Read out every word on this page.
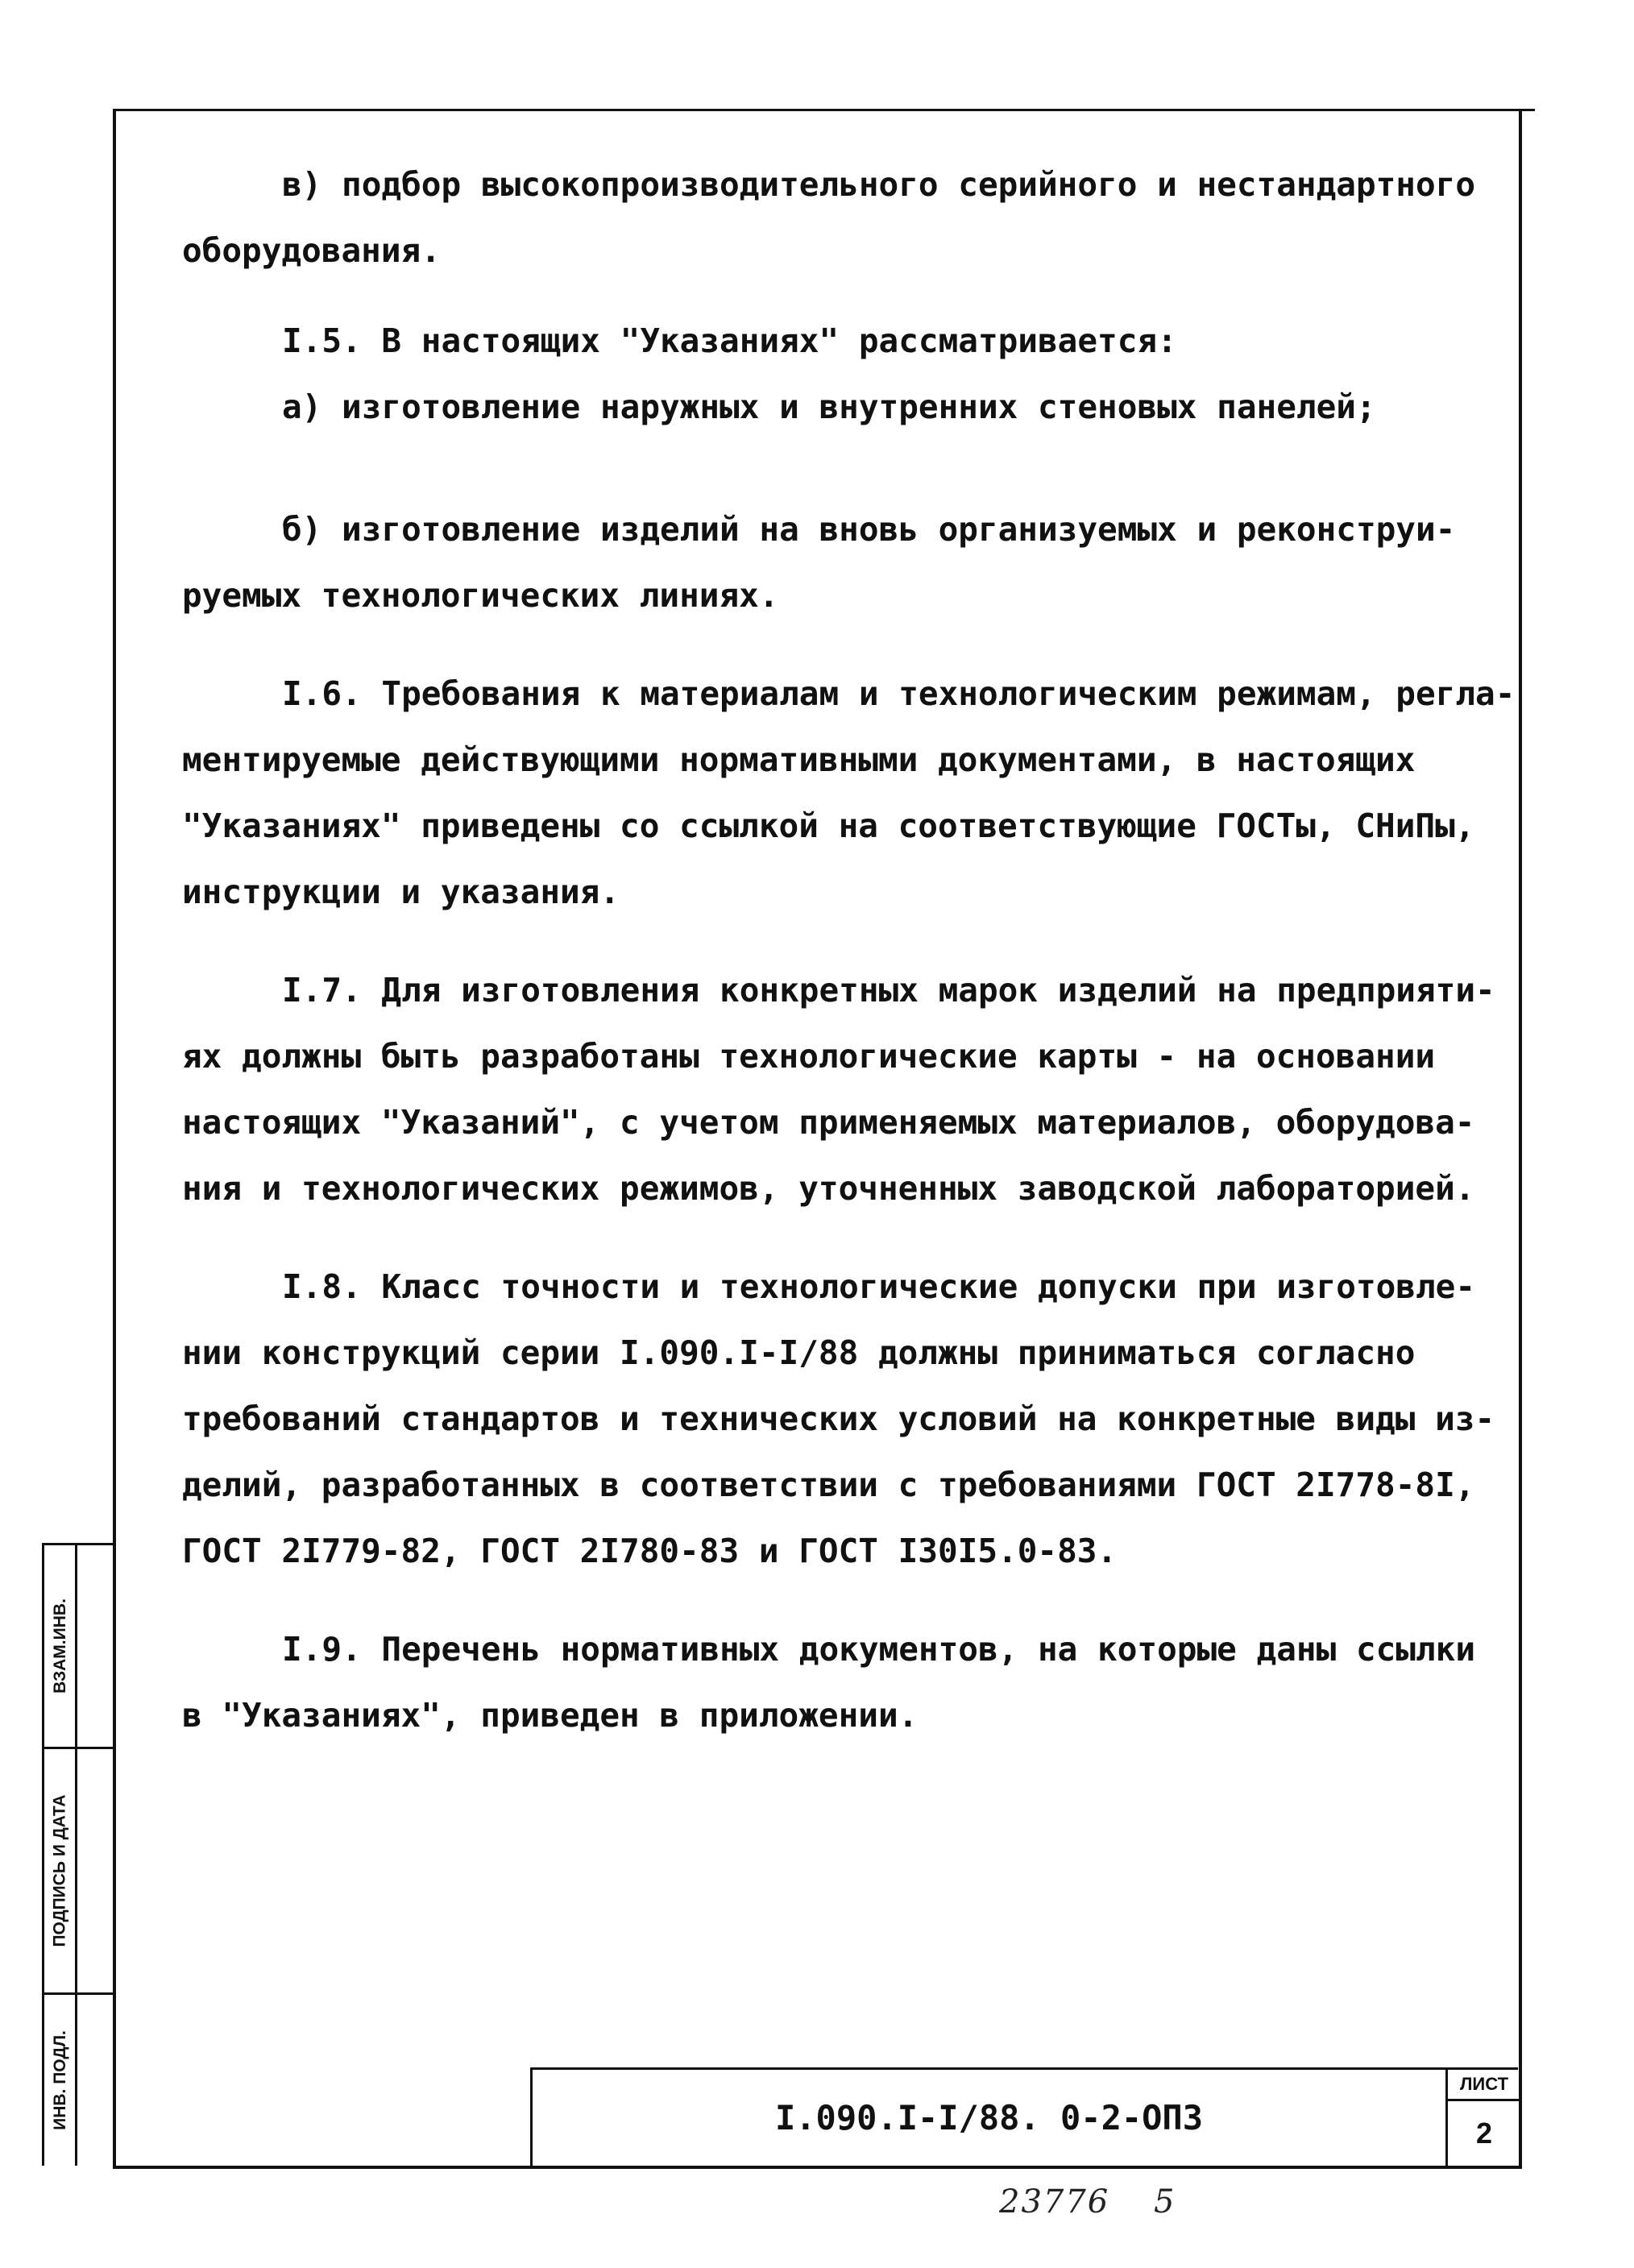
в) подбор высокопроизводительного серийного и нестандартного
оборудования.
I.5. В настоящих "Указаниях" рассматривается:
а) изготовление наружных и внутренних стеновых панелей;
б) изготовление изделий на вновь организуемых и реконструи-
руемых технологических линиях.
I.6. Требования к материалам и технологическим режимам, регла-
ментируемые действующими нормативными документами, в настоящих
"Указаниях" приведены со ссылкой на соответствующие ГОСТы, СНиПы,
инструкции и указания.
I.7. Для изготовления конкретных марок изделий на предприяти-
ях должны быть разработаны технологические карты - на основании
настоящих "Указаний", с учетом применяемых материалов, оборудова-
ния и технологических режимов, уточненных заводской лабораторией.
I.8. Класс точности и технологические допуски при изготовле-
нии конструкций серии I.090.I-I/88 должны приниматься согласно
требований стандартов и технических условий на конкретные виды из-
делий, разработанных в соответствии с требованиями ГОСТ 2I778-8I,
ГОСТ 2I779-82, ГОСТ 2I780-83 и ГОСТ I30I5.0-83.
I.9. Перечень нормативных документов, на которые даны ссылки
в "Указаниях", приведен в приложении.
ВЗАМ.ИНВ.
ПОДПИСЬ И ДАТА
ИНВ. ПОДЛ.	I.090.I-I/88. 0-2-ОПЗ
ЛИСТ
2
23776 5
